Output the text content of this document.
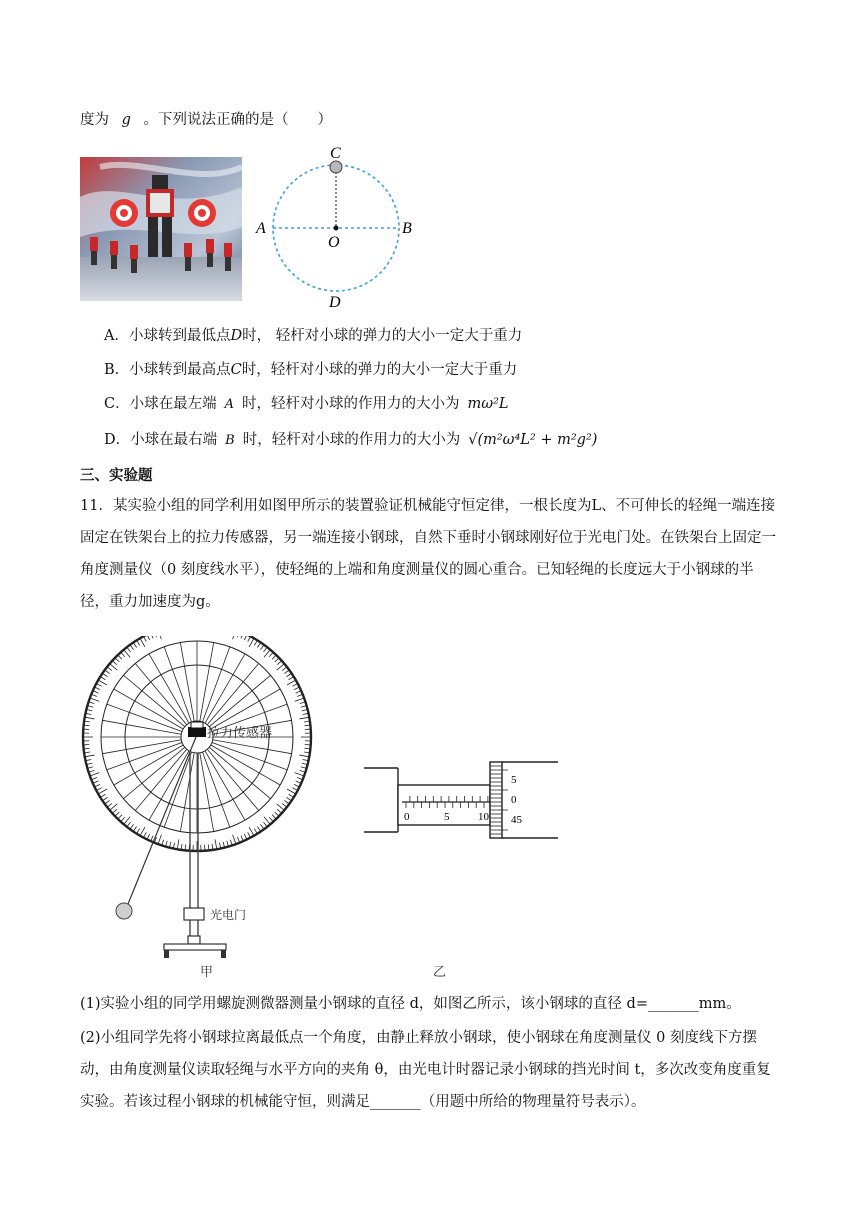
度为 g 。下列说法正确的是（　　）
C
A
O
B
D
A．小球转到最低点D时， 轻杆对小球的弹力的大小一定大于重力
B．小球转到最高点C时，轻杆对小球的弹力的大小一定大于重力
C．小球在最左端 A 时，轻杆对小球的作用力的大小为 mω²L
D．小球在最右端 B 时，轻杆对小球的作用力的大小为 √(m²ω⁴L² + m²g²)
三、实验题
11．某实验小组的同学利用如图甲所示的装置验证机械能守恒定律，一根长度为L、不可伸长的轻绳一端连接固定在铁架台上的拉力传感器，另一端连接小钢球，自然下垂时小钢球刚好位于光电门处。在铁架台上固定一角度测量仪（0 刻度线水平），使轻绳的上端和角度测量仪的圆心重合。已知轻绳的长度远大于小钢球的半径，重力加速度为g。
拉力传感器
光电门
甲
0	5	10
5
0
45
乙
(1)实验小组的同学用螺旋测微器测量小钢球的直径 d，如图乙所示，该小钢球的直径 d=_______mm。
(2)小组同学先将小钢球拉离最低点一个角度，由静止释放小钢球，使小钢球在角度测量仪 0 刻度线下方摆动，由角度测量仪读取轻绳与水平方向的夹角 θ，由光电计时器记录小钢球的挡光时间 t，多次改变角度重复实验。若该过程小钢球的机械能守恒，则满足_______（用题中所给的物理量符号表示）。
